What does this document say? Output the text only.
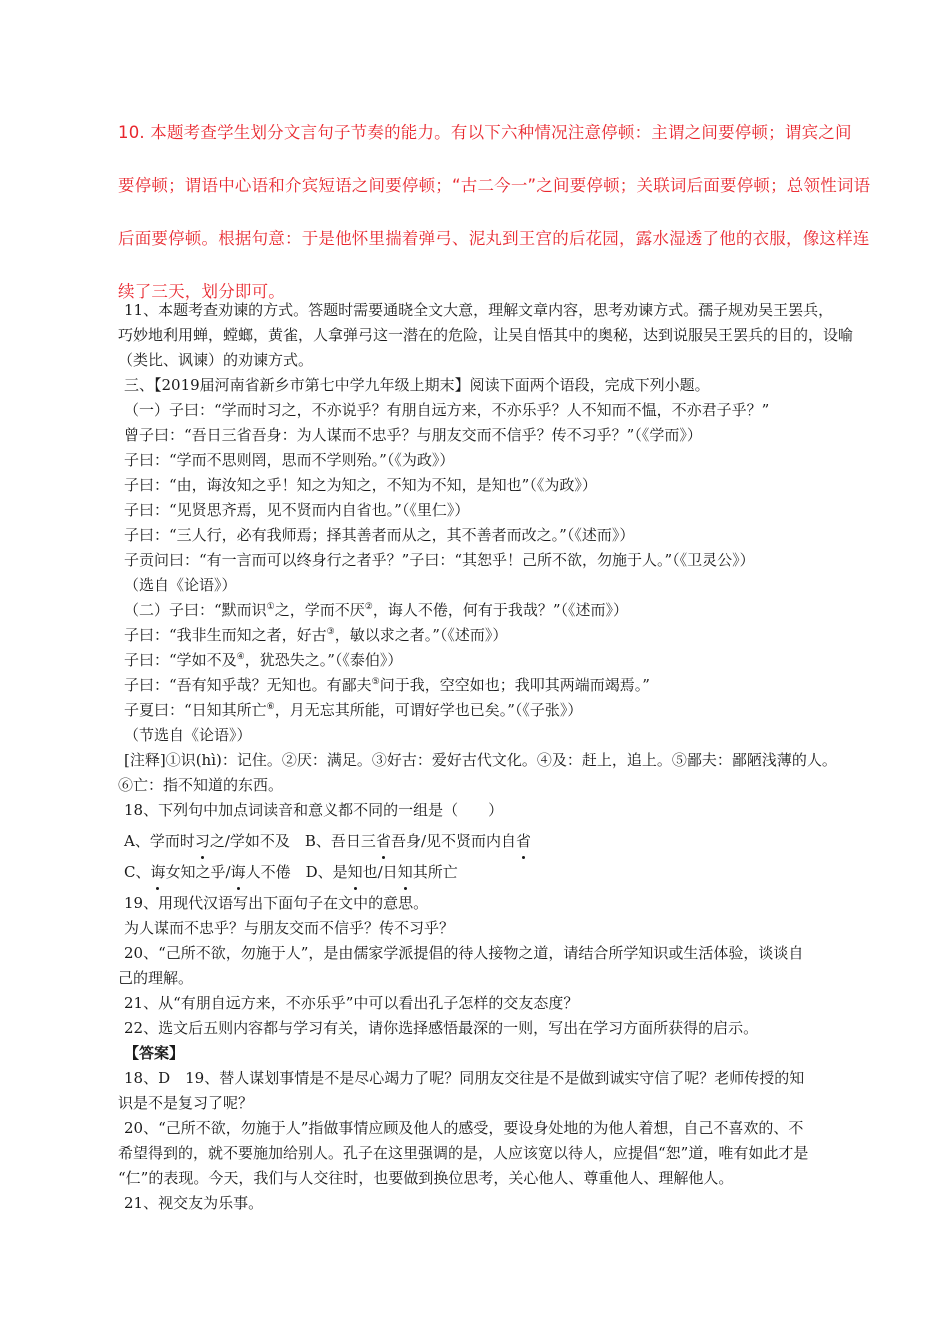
10. 本题考查学生划分文言句子节奏的能力。有以下六种情况注意停顿：主谓之间要停顿；谓宾之间
要停顿；谓语中心语和介宾短语之间要停顿；“古二今一”之间要停顿；关联词后面要停顿；总领性词语
后面要停顿。根据句意：于是他怀里揣着弹弓、泥丸到王宫的后花园，露水湿透了他的衣服，像这样连
续了三天，划分即可。

11、本题考查劝谏的方式。答题时需要通晓全文大意，理解文章内容，思考劝谏方式。孺子规劝吴王罢兵，

巧妙地利用蝉，螳螂，黄雀，人拿弹弓这一潜在的危险，让吴自悟其中的奥秘，达到说服吴王罢兵的目的，设喻

（类比、讽谏）的劝谏方式。

三、【2019届河南省新乡市第七中学九年级上期末】阅读下面两个语段，完成下列小题。

（一）子曰：“学而时习之，不亦说乎？有朋自远方来，不亦乐乎？人不知而不愠，不亦君子乎？”

曾子曰：“吾日三省吾身：为人谋而不忠乎？与朋友交而不信乎？传不习乎？”（《学而》）

子曰：“学而不思则罔，思而不学则殆。”（《为政》）

子曰：“由，诲汝知之乎！知之为知之，不知为不知，是知也”（《为政》）

子曰：“见贤思齐焉，见不贤而内自省也。”（《里仁》）

子曰：“三人行，必有我师焉；择其善者而从之，其不善者而改之。”（《述而》）

子贡问曰：“有一言而可以终身行之者乎？”子曰：“其恕乎！己所不欲，勿施于人。”（《卫灵公》）

（选自《论语》）

（二）子曰：“默而识①之，学而不厌②，诲人不倦，何有于我哉？”（《述而》）

子曰：“我非生而知之者，好古③，敏以求之者。”（《述而》）

子曰：“学如不及④，犹恐失之。”（《泰伯》）

子曰：“吾有知乎哉？无知也。有鄙夫⑤问于我，空空如也；我叩其两端而竭焉。”

子夏曰：“日知其所亡⑥，月无忘其所能，可谓好学也已矣。”（《子张》）

（节选自《论语》）

[注释]①识(hì)：记住。②厌：满足。③好古：爱好古代文化。④及：赶上，追上。⑤鄙夫：鄙陋浅薄的人。

⑥亡：指不知道的东西。

18、下列句中加点词读音和意义都不同的一组是（　　）

A、学而时习之/学如不及　B、吾日三省吾身/见不贤而内自省

C、诲女知之乎/诲人不倦　D、是知也/日知其所亡

19、用现代汉语写出下面句子在文中的意思。

为人谋而不忠乎？与朋友交而不信乎？传不习乎？

20、“己所不欲，勿施于人”，是由儒家学派提倡的待人接物之道，请结合所学知识或生活体验，谈谈自

己的理解。

21、从“有朋自远方来，不亦乐乎”中可以看出孔子怎样的交友态度？

22、选文后五则内容都与学习有关，请你选择感悟最深的一则，写出在学习方面所获得的启示。

【答案】

18、D　19、替人谋划事情是不是尽心竭力了呢？同朋友交往是不是做到诚实守信了呢？老师传授的知

识是不是复习了呢？

20、“己所不欲，勿施于人”指做事情应顾及他人的感受，要设身处地的为他人着想，自己不喜欢的、不

希望得到的，就不要施加给别人。孔子在这里强调的是，人应该宽以待人，应提倡“恕”道，唯有如此才是

“仁”的表现。今天，我们与人交往时，也要做到换位思考，关心他人、尊重他人、理解他人。

21、视交友为乐事。
